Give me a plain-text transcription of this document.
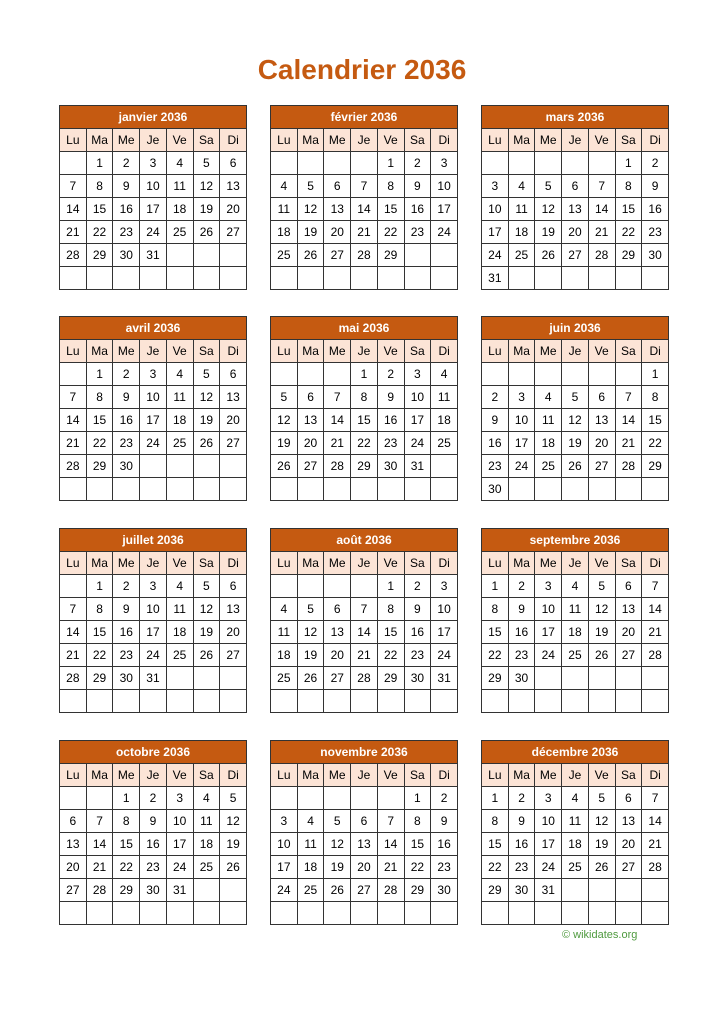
Calendrier 2036
janvier 2036						
Lu	Ma	Me	Je	Ve	Sa	Di
	1	2	3	4	5	6
7	8	9	10	11	12	13
14	15	16	17	18	19	20
21	22	23	24	25	26	27
28	29	30	31			

février 2036						
Lu	Ma	Me	Je	Ve	Sa	Di
				1	2	3
4	5	6	7	8	9	10
11	12	13	14	15	16	17
18	19	20	21	22	23	24
25	26	27	28	29		

mars 2036						
Lu	Ma	Me	Je	Ve	Sa	Di
					1	2
3	4	5	6	7	8	9
10	11	12	13	14	15	16
17	18	19	20	21	22	23
24	25	26	27	28	29	30
31						
avril 2036						
Lu	Ma	Me	Je	Ve	Sa	Di
	1	2	3	4	5	6
7	8	9	10	11	12	13
14	15	16	17	18	19	20
21	22	23	24	25	26	27
28	29	30				

mai 2036						
Lu	Ma	Me	Je	Ve	Sa	Di
			1	2	3	4
5	6	7	8	9	10	11
12	13	14	15	16	17	18
19	20	21	22	23	24	25
26	27	28	29	30	31	

juin 2036						
Lu	Ma	Me	Je	Ve	Sa	Di
						1
2	3	4	5	6	7	8
9	10	11	12	13	14	15
16	17	18	19	20	21	22
23	24	25	26	27	28	29
30						
juillet 2036						
Lu	Ma	Me	Je	Ve	Sa	Di
	1	2	3	4	5	6
7	8	9	10	11	12	13
14	15	16	17	18	19	20
21	22	23	24	25	26	27
28	29	30	31			

août 2036						
Lu	Ma	Me	Je	Ve	Sa	Di
				1	2	3
4	5	6	7	8	9	10
11	12	13	14	15	16	17
18	19	20	21	22	23	24
25	26	27	28	29	30	31

septembre 2036						
Lu	Ma	Me	Je	Ve	Sa	Di
1	2	3	4	5	6	7
8	9	10	11	12	13	14
15	16	17	18	19	20	21
22	23	24	25	26	27	28
29	30					

octobre 2036						
Lu	Ma	Me	Je	Ve	Sa	Di
		1	2	3	4	5
6	7	8	9	10	11	12
13	14	15	16	17	18	19
20	21	22	23	24	25	26
27	28	29	30	31		

novembre 2036						
Lu	Ma	Me	Je	Ve	Sa	Di
					1	2
3	4	5	6	7	8	9
10	11	12	13	14	15	16
17	18	19	20	21	22	23
24	25	26	27	28	29	30

décembre 2036						
Lu	Ma	Me	Je	Ve	Sa	Di
1	2	3	4	5	6	7
8	9	10	11	12	13	14
15	16	17	18	19	20	21
22	23	24	25	26	27	28
29	30	31				

© wikidates.org
